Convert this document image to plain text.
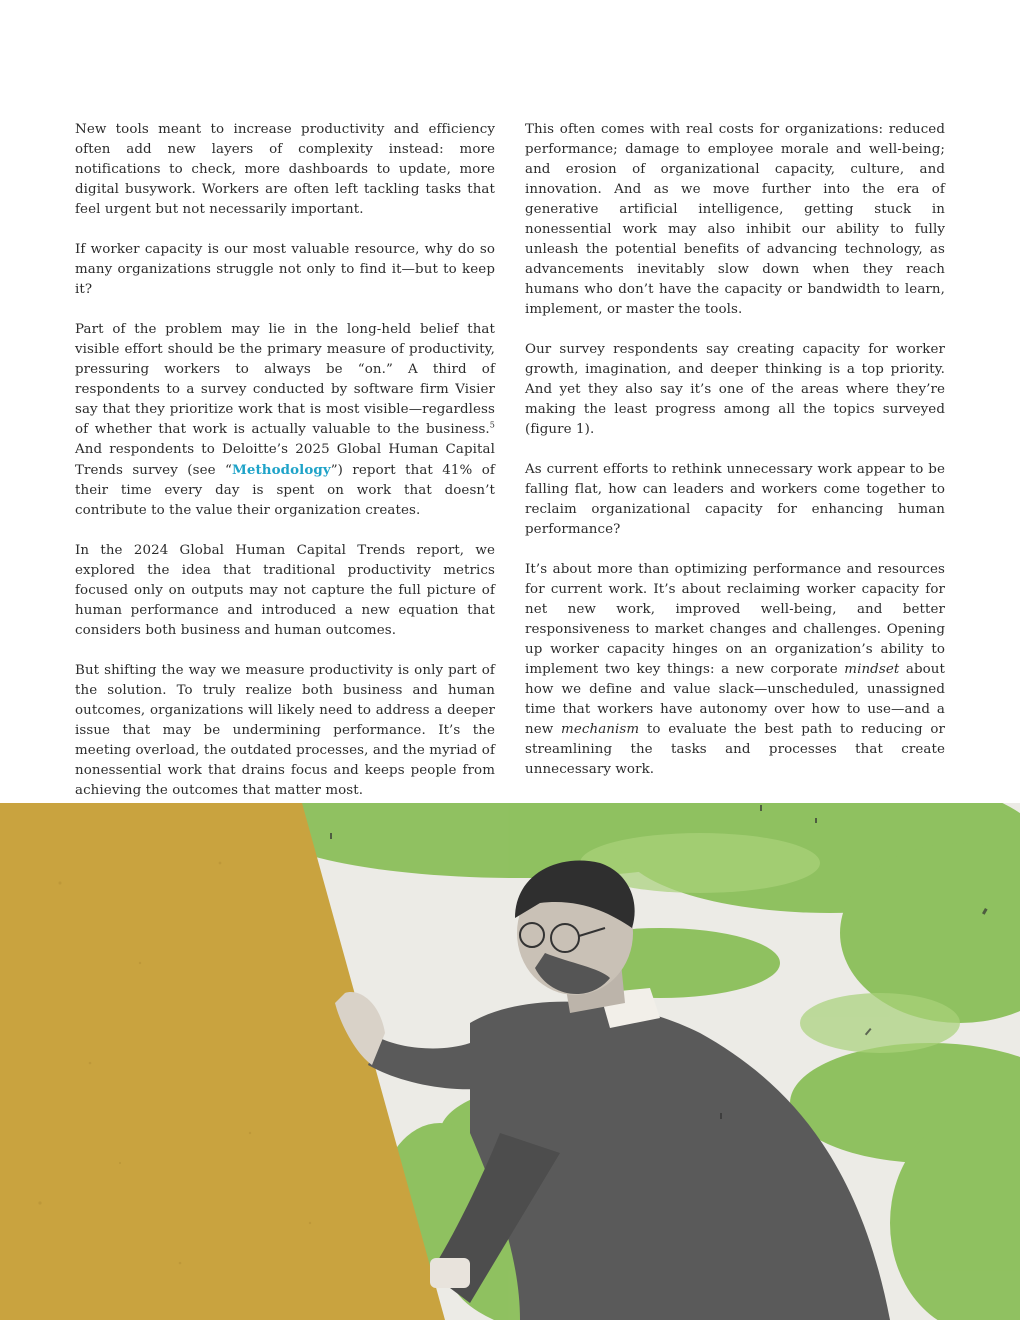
New tools meant to increase productivity and efficiency often add new layers of complexity instead: more notifications to check, more dashboards to update, more digital busywork. Workers are often left tackling tasks that feel urgent but not necessarily important.

If worker capacity is our most valuable resource, why do so many organizations struggle not only to find it—but to keep it?

Part of the problem may lie in the long-held belief that visible effort should be the primary measure of productivity, pressuring workers to always be “on.” A third of respondents to a survey conducted by software firm Visier say that they prioritize work that is most visible—regardless of whether that work is actually valuable to the business.$^5$ And respondents to Deloitte’s 2025 Global Human Capital Trends survey (see “Methodology”) report that 41% of their time every day is spent on work that doesn’t contribute to the value their organization creates.

In the 2024 Global Human Capital Trends report, we explored the idea that traditional productivity metrics focused only on outputs may not capture the full picture of human performance and introduced a new equation that considers both business and human outcomes.

But shifting the way we measure productivity is only part of the solution. To truly realize both business and human outcomes, organizations will likely need to address a deeper issue that may be undermining performance. It’s the meeting overload, the outdated processes, and the myriad of nonessential work that drains focus and keeps people from achieving the outcomes that matter most.

This often comes with real costs for organizations: reduced performance; damage to employee morale and well-being; and erosion of organizational capacity, culture, and innovation. And as we move further into the era of generative artificial intelligence, getting stuck in nonessential work may also inhibit our ability to fully unleash the potential benefits of advancing technology, as advancements inevitably slow down when they reach humans who don’t have the capacity or bandwidth to learn, implement, or master the tools.

Our survey respondents say creating capacity for worker growth, imagination, and deeper thinking is a top priority. And yet they also say it’s one of the areas where they’re making the least progress among all the topics surveyed (figure 1).

As current efforts to rethink unnecessary work appear to be falling flat, how can leaders and workers come together to reclaim organizational capacity for enhancing human performance?

It’s about more than optimizing performance and resources for current work. It’s about reclaiming worker capacity for net new work, improved well-being, and better responsiveness to market changes and challenges. Opening up worker capacity hinges on an organization’s ability to implement two key things: a new corporate mindset about how we define and value slack—unscheduled, unassigned time that workers have autonomy over how to use—and a new mechanism to evaluate the best path to reducing or streamlining the tasks and processes that create unnecessary work.
